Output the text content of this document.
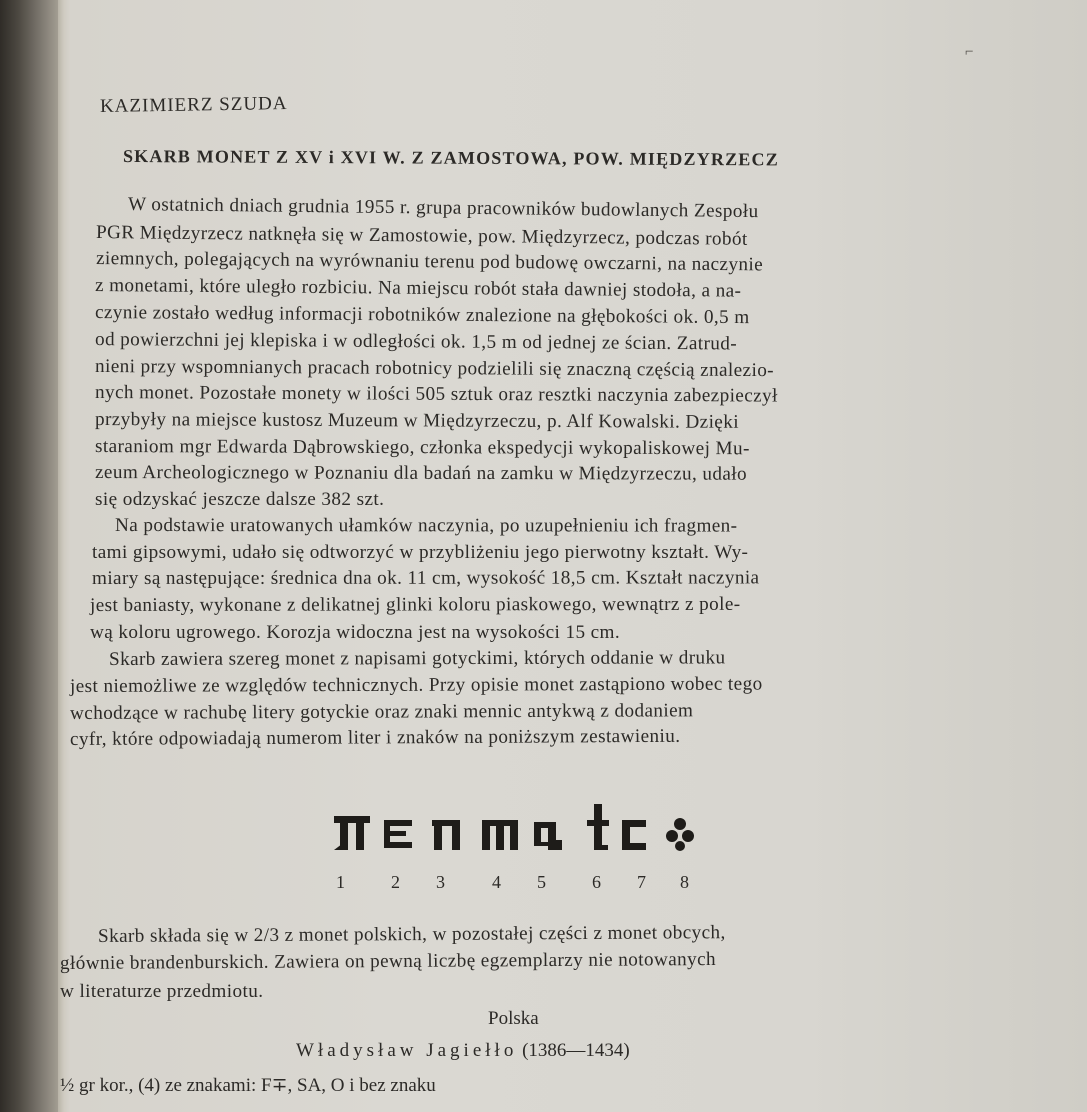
⌐
KAZIMIERZ SZUDA
SKARB MONET Z XV i XVI W. Z ZAMOSTOWA, POW. MIĘDZYRZECZ
W ostatnich dniach grudnia 1955 r. grupa pracowników budowlanych Zespołu
PGR Międzyrzecz natknęła się w Zamostowie, pow. Międzyrzecz, podczas robót
ziemnych, polegających na wyrównaniu terenu pod budowę owczarni, na naczynie
z monetami, które uległo rozbiciu. Na miejscu robót stała dawniej stodoła, a na-
czynie zostało według informacji robotników znalezione na głębokości ok. 0,5 m
od powierzchni jej klepiska i w odległości ok. 1,5 m od jednej ze ścian. Zatrud-
nieni przy wspomnianych pracach robotnicy podzielili się znaczną częścią znalezio-
nych monet. Pozostałe monety w ilości 505 sztuk oraz resztki naczynia zabezpieczył
przybyły na miejsce kustosz Muzeum w Międzyrzeczu, p. Alf Kowalski. Dzięki
staraniom mgr Edwarda Dąbrowskiego, członka ekspedycji wykopaliskowej Mu-
zeum Archeologicznego w Poznaniu dla badań na zamku w Międzyrzeczu, udało
się odzyskać jeszcze dalsze 382 szt.
Na podstawie uratowanych ułamków naczynia, po uzupełnieniu ich fragmen-
tami gipsowymi, udało się odtworzyć w przybliżeniu jego pierwotny kształt. Wy-
miary są następujące: średnica dna ok. 11 cm, wysokość 18,5 cm. Kształt naczynia
jest baniasty, wykonane z delikatnej glinki koloru piaskowego, wewnątrz z pole-
wą koloru ugrowego. Korozja widoczna jest na wysokości 15 cm.
Skarb zawiera szereg monet z napisami gotyckimi, których oddanie w druku
jest niemożliwe ze względów technicznych. Przy opisie monet zastąpiono wobec tego
wchodzące w rachubę litery gotyckie oraz znaki mennic antykwą z dodaniem
cyfr, które odpowiadają numerom liter i znaków na poniższym zestawieniu.
1	2 3	4 5	6 7 8
Skarb składa się w 2/3 z monet polskich, w pozostałej części z monet obcych,
głównie brandenburskich. Zawiera on pewną liczbę egzemplarzy nie notowanych
w literaturze przedmiotu.
Polska
Władysław Jagiełło (1386—1434)
½ gr kor., (4) ze znakami: F∓, SA, O i bez znaku
